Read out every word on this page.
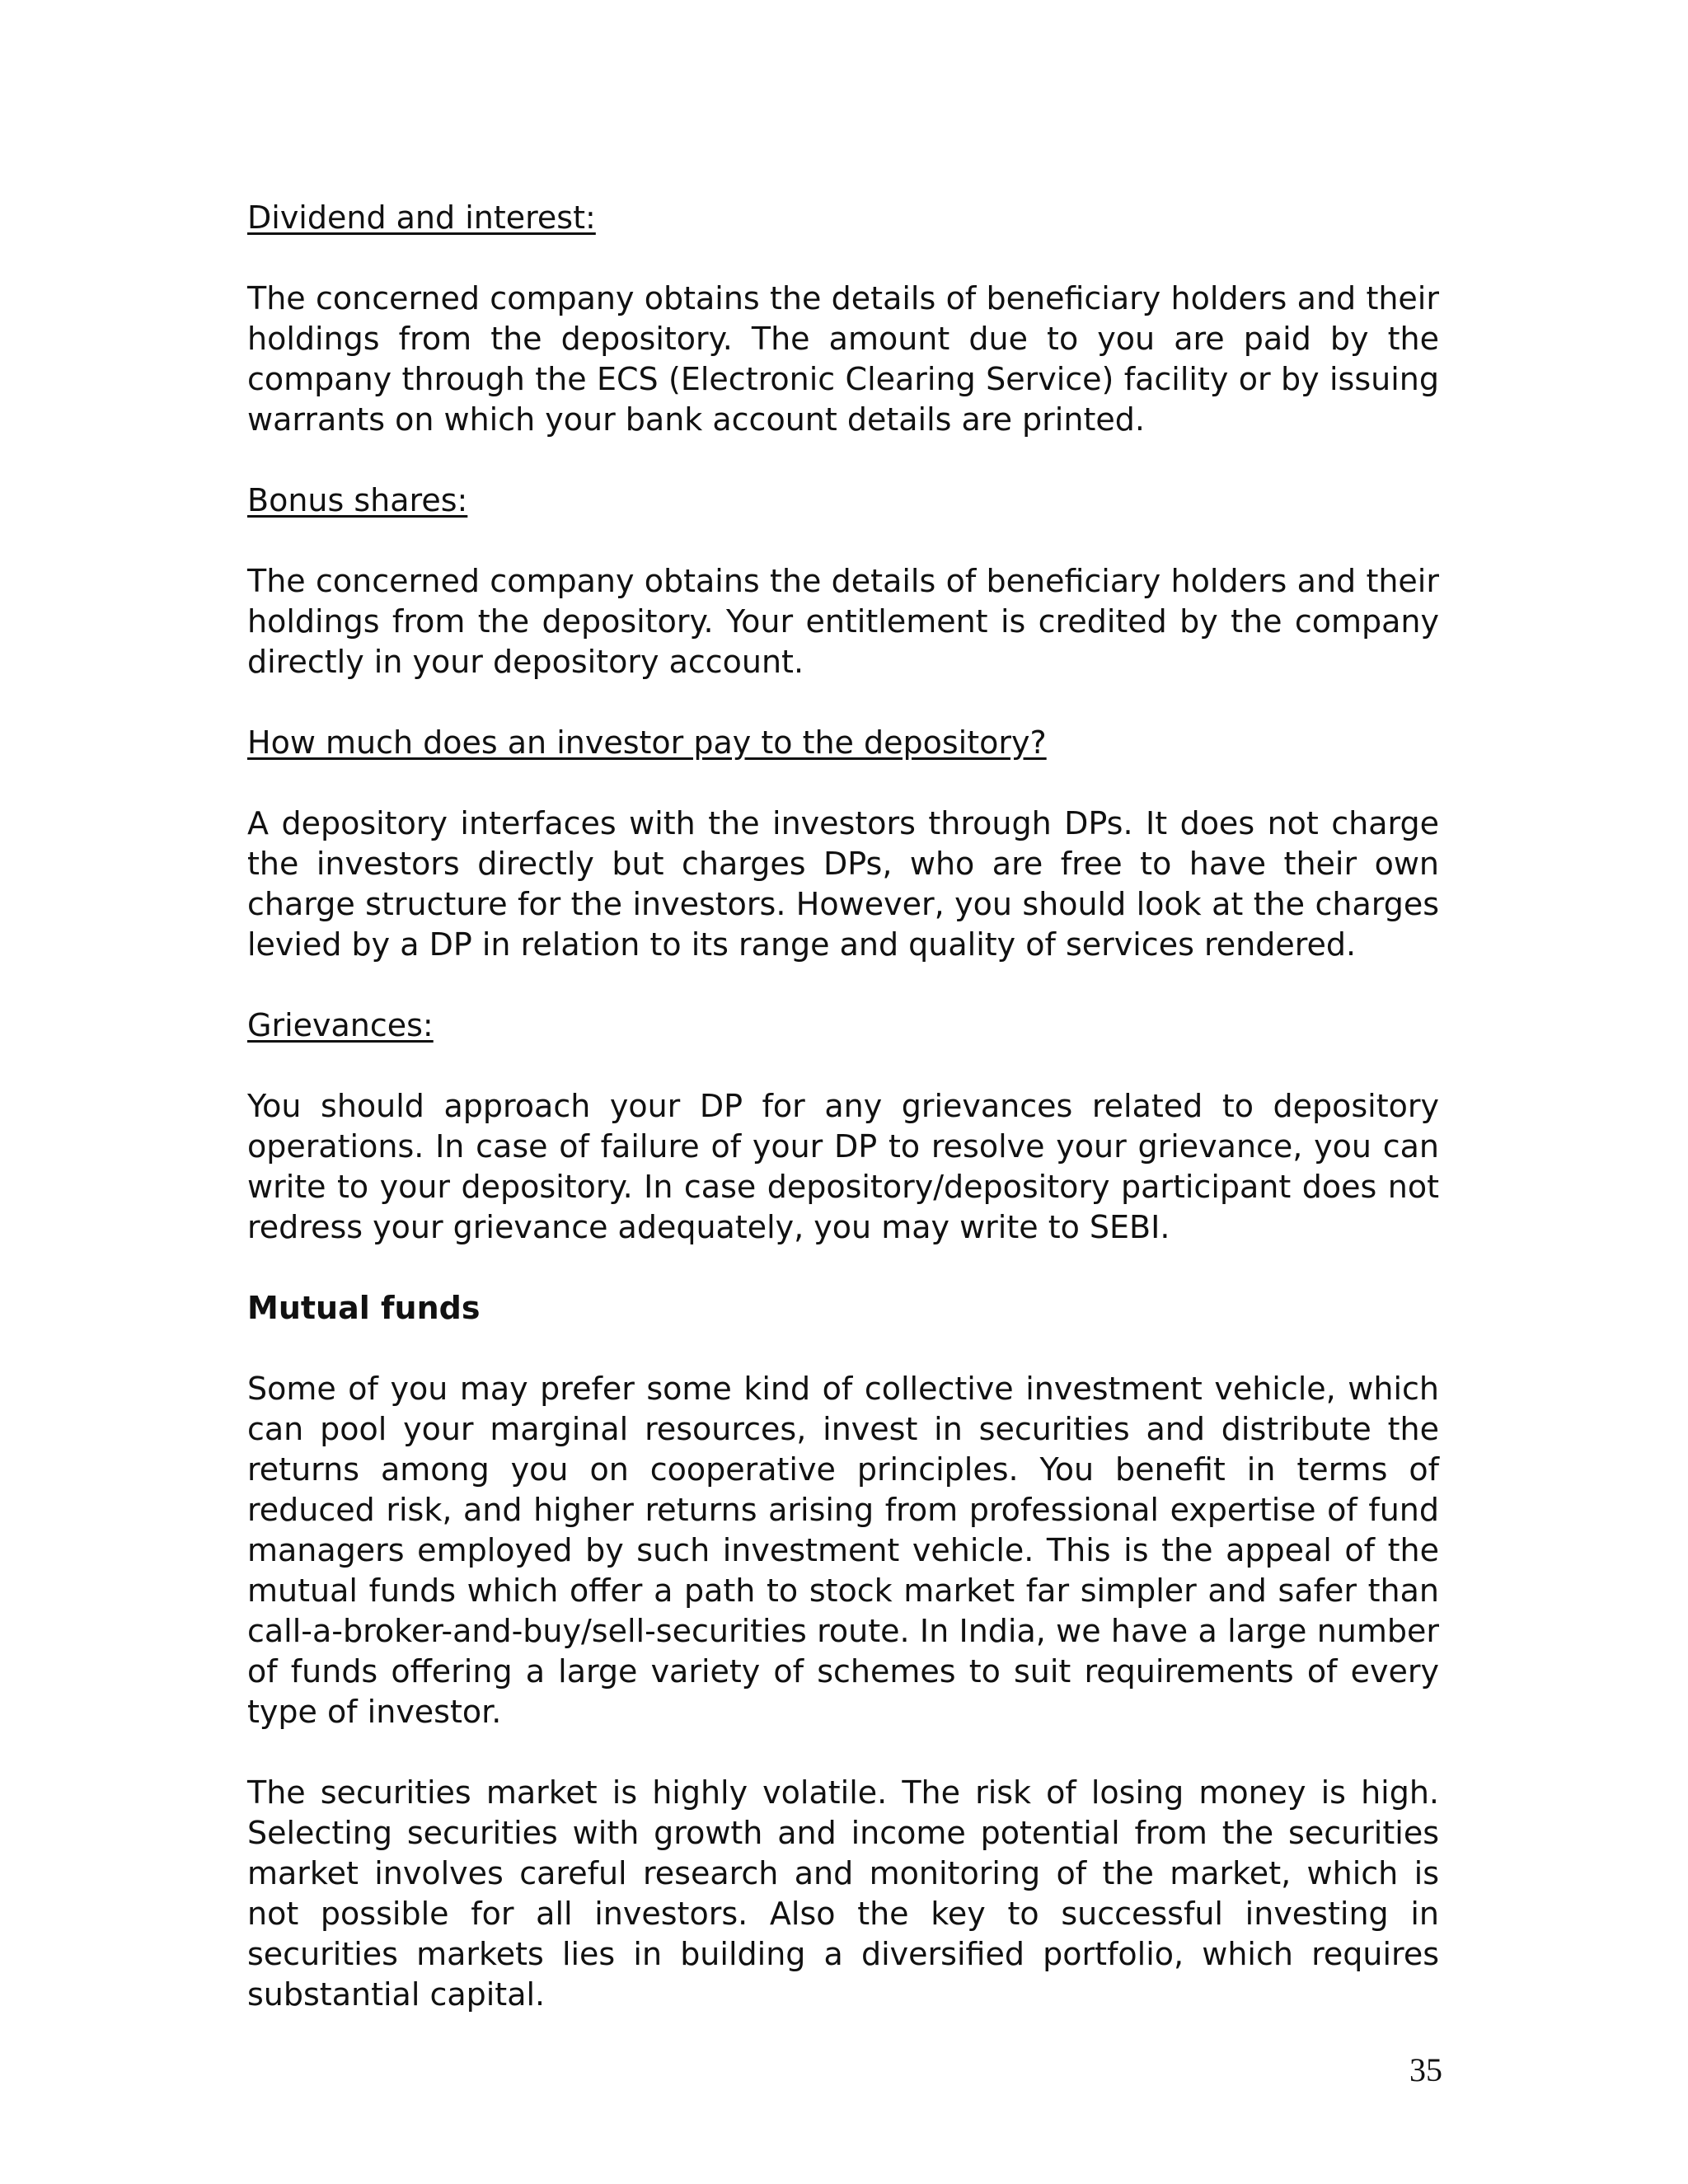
Dividend and interest:

The concerned company obtains the details of beneficiary holders and their holdings from the depository. The amount due to you are paid by the company through the ECS (Electronic Clearing Service) facility or by issuing warrants on which your bank account details are printed.

Bonus shares:

The concerned company obtains the details of beneficiary holders and their holdings from the depository. Your entitlement is credited by the company directly in your depository account.

How much does an investor pay to the depository?

A depository interfaces with the investors through DPs. It does not charge the investors directly but charges DPs, who are free to have their own charge structure for the investors. However, you should look at the charges levied by a DP in relation to its range and quality of services rendered.

Grievances:

You should approach your DP for any grievances related to depository operations. In case of failure of your DP to resolve your grievance, you can write to your depository. In case depository/depository participant does not redress your grievance adequately, you may write to SEBI.

Mutual funds

Some of you may prefer some kind of collective investment vehicle, which can pool your marginal resources, invest in securities and distribute the returns among you on cooperative principles. You benefit in terms of reduced risk, and higher returns arising from professional expertise of fund managers employed by such investment vehicle. This is the appeal of the mutual funds which offer a path to stock market far simpler and safer than call-a-broker-and-buy/sell-securities route. In India, we have a large number of funds offering a large variety of schemes to suit requirements of every type of investor.

The securities market is highly volatile. The risk of losing money is high. Selecting securities with growth and income potential from the securities market involves careful research and monitoring of the market, which is not possible for all investors. Also the key to successful investing in securities markets lies in building a diversified portfolio, which requires substantial capital.

35
